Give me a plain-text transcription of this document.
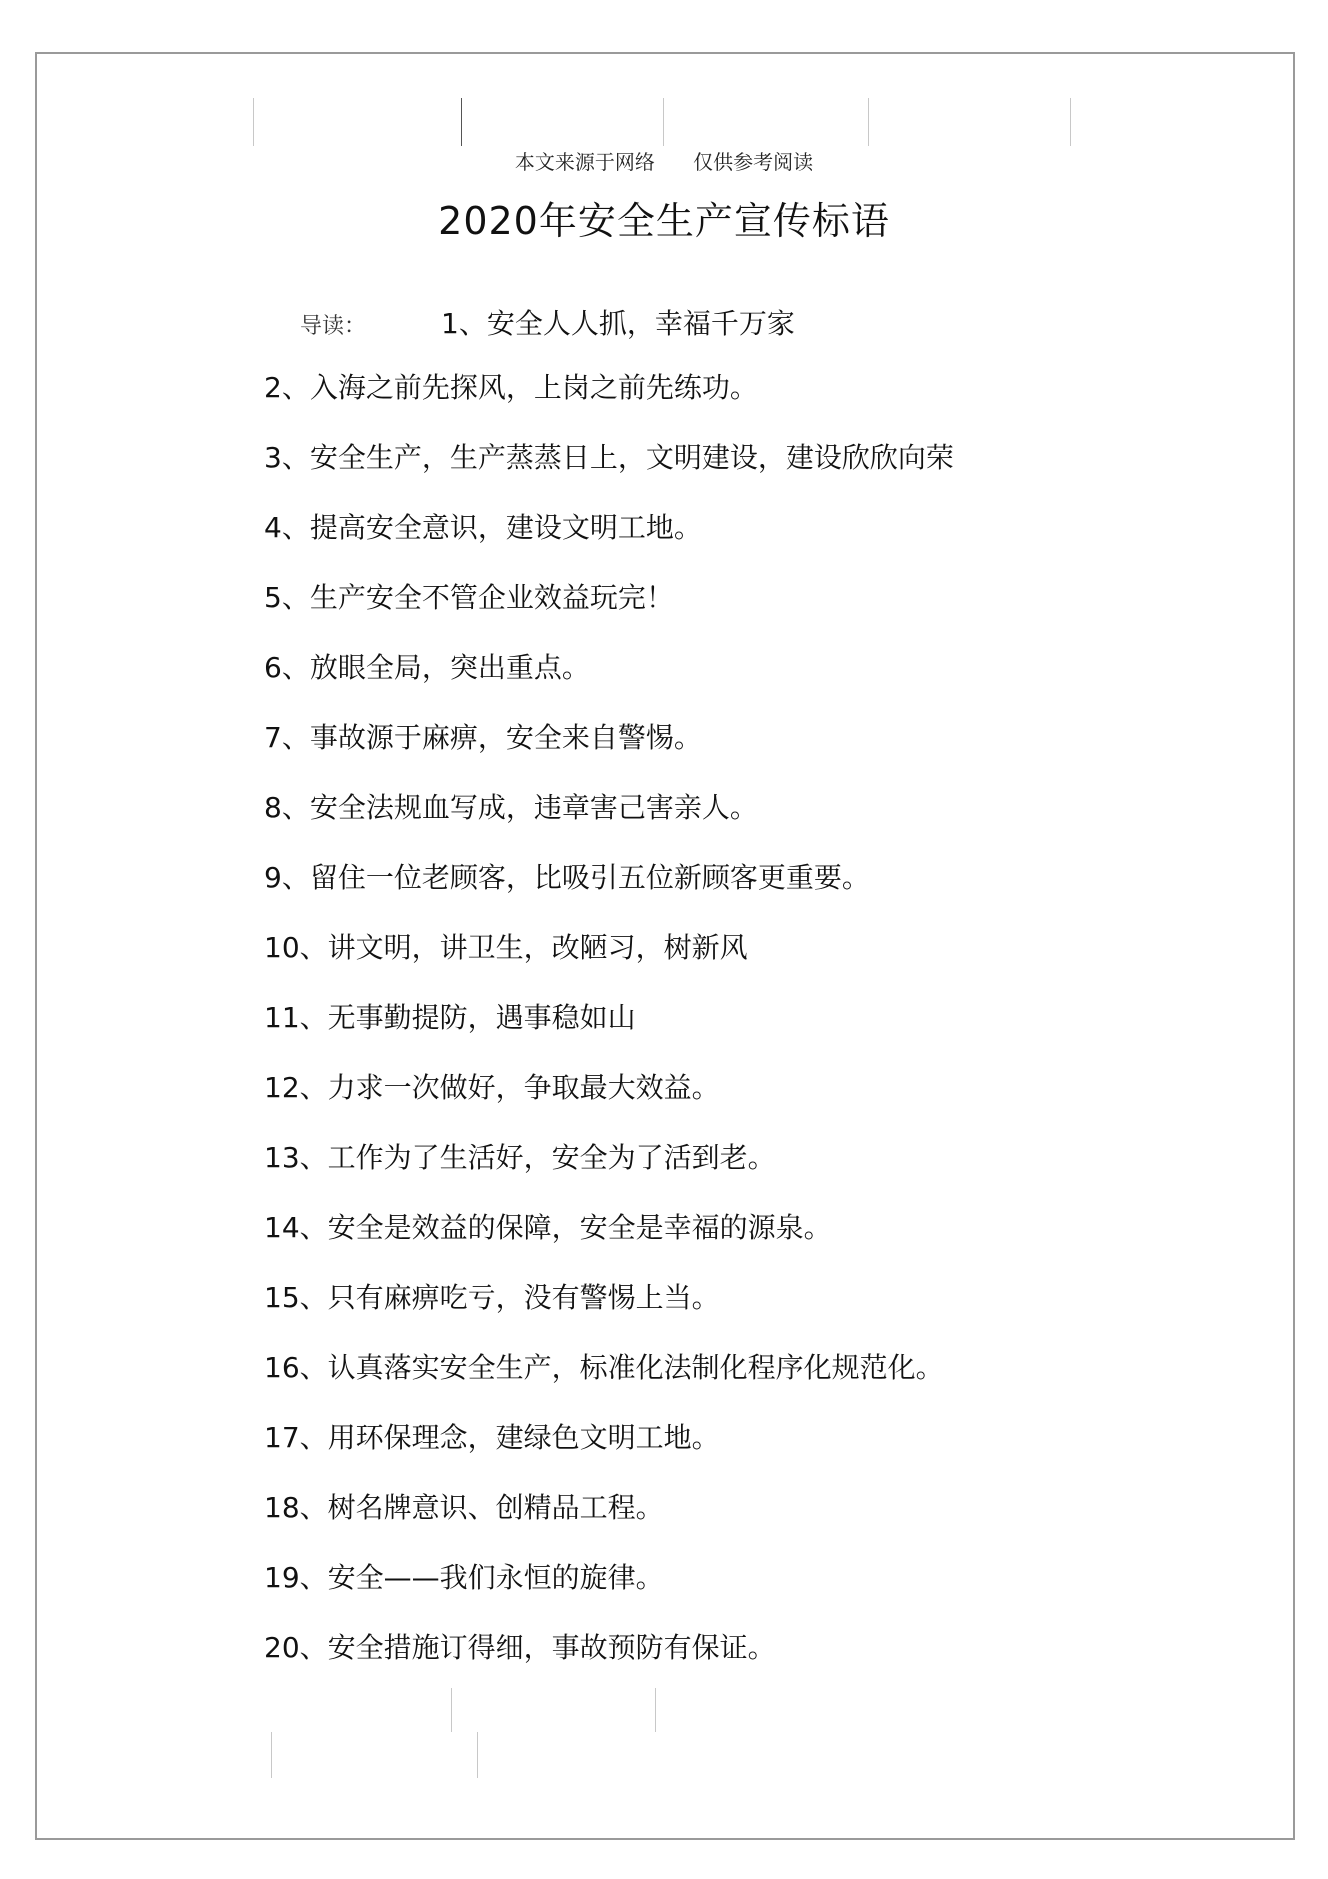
本文来源于网络      仅供参考阅读
2020年安全生产宣传标语
导读：	1、安全人人抓，幸福千万家
2、入海之前先探风，上岗之前先练功。
3、安全生产，生产蒸蒸日上，文明建设，建设欣欣向荣
4、提高安全意识，建设文明工地。
5、生产安全不管企业效益玩完！
6、放眼全局，突出重点。
7、事故源于麻痹，安全来自警惕。
8、安全法规血写成，违章害己害亲人。
9、留住一位老顾客，比吸引五位新顾客更重要。
10、讲文明，讲卫生，改陋习，树新风
11、无事勤提防，遇事稳如山
12、力求一次做好，争取最大效益。
13、工作为了生活好，安全为了活到老。
14、安全是效益的保障，安全是幸福的源泉。
15、只有麻痹吃亏，没有警惕上当。
16、认真落实安全生产，标准化法制化程序化规范化。
17、用环保理念，建绿色文明工地。
18、树名牌意识、创精品工程。
19、安全——我们永恒的旋律。
20、安全措施订得细，事故预防有保证。
